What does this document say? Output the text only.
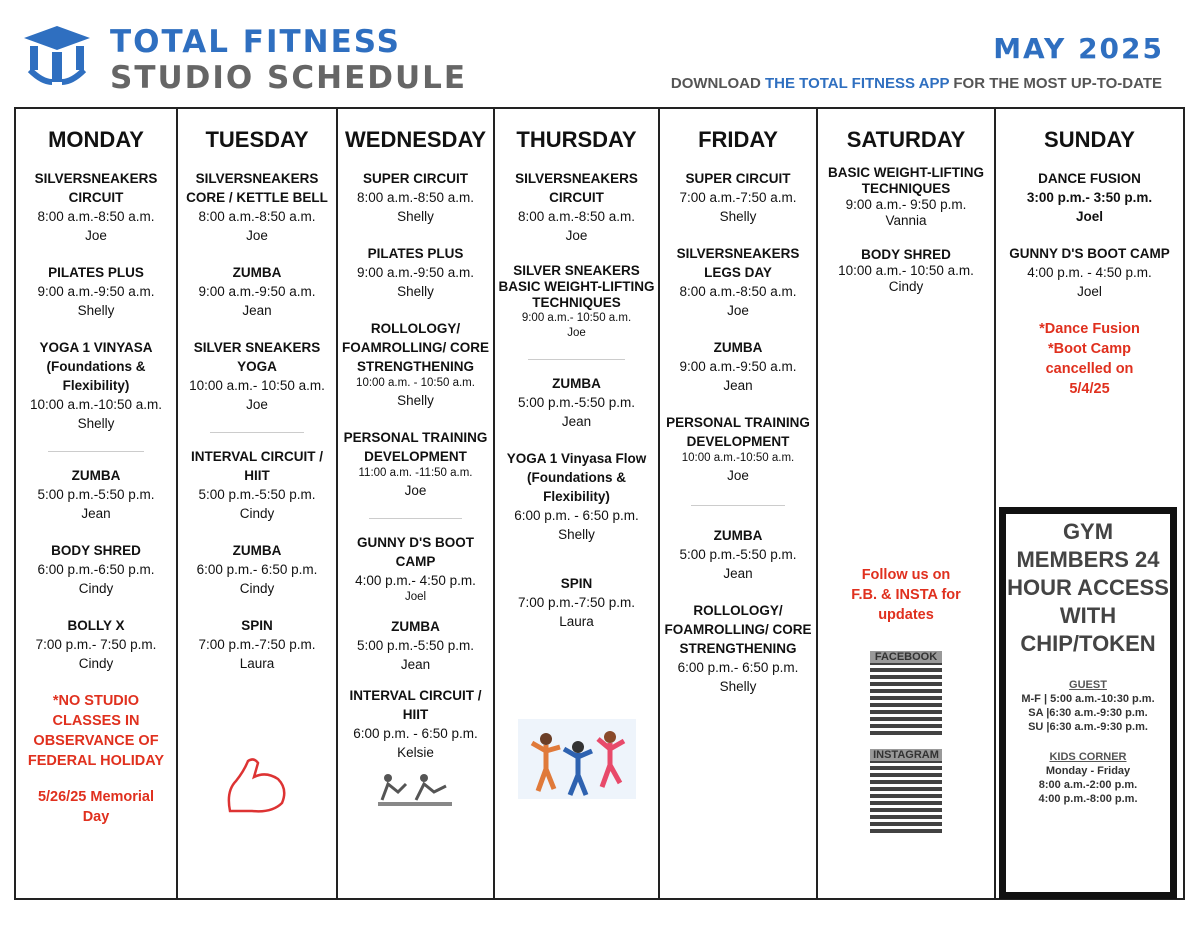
TOTAL FITNESS
STUDIO SCHEDULE
MAY 2025
DOWNLOAD THE TOTAL FITNESS APP FOR THE MOST UP-TO-DATE
MONDAY
SILVERSNEAKERS CIRCUIT
8:00 a.m.-8:50 a.m.
Joe
PILATES PLUS
9:00 a.m.-9:50 a.m.
Shelly
YOGA 1 VINYASA (Foundations & Flexibility)
10:00 a.m.-10:50 a.m.
Shelly
ZUMBA
5:00 p.m.-5:50 p.m.
Jean
BODY SHRED
6:00 p.m.-6:50 p.m.
Cindy
BOLLY X
7:00 p.m.- 7:50 p.m.
Cindy
*NO STUDIO CLASSES IN OBSERVANCE OF FEDERAL HOLIDAY
5/26/25 Memorial Day
TUESDAY
SILVERSNEAKERS CORE / KETTLE BELL
8:00 a.m.-8:50 a.m.
Joe
ZUMBA
9:00 a.m.-9:50 a.m.
Jean
SILVER SNEAKERS YOGA
10:00 a.m.- 10:50 a.m.
Joe
INTERVAL CIRCUIT / HIIT
5:00 p.m.-5:50 p.m.
Cindy
ZUMBA
6:00 p.m.- 6:50 p.m.
Cindy
SPIN
7:00 p.m.-7:50 p.m.
Laura
WEDNESDAY
SUPER CIRCUIT
8:00 a.m.-8:50 a.m.
Shelly
PILATES PLUS
9:00 a.m.-9:50 a.m.
Shelly
ROLLOLOGY/ FOAMROLLING/ CORE STRENGTHENING
10:00 a.m. - 10:50 a.m.
Shelly
PERSONAL TRAINING DEVELOPMENT
11:00 a.m. -11:50 a.m.
Joe
GUNNY D'S BOOT CAMP
4:00 p.m.- 4:50 p.m.
Joel
ZUMBA
5:00 p.m.-5:50 p.m.
Jean
INTERVAL CIRCUIT / HIIT
6:00 p.m. - 6:50 p.m.
Kelsie
THURSDAY
SILVERSNEAKERS CIRCUIT
8:00 a.m.-8:50 a.m.
Joe
SILVER SNEAKERS BASIC WEIGHT-LIFTING TECHNIQUES
9:00 a.m.- 10:50 a.m.
Joe
ZUMBA
5:00 p.m.-5:50 p.m.
Jean
YOGA 1 Vinyasa Flow (Foundations & Flexibility)
6:00 p.m. - 6:50 p.m.
Shelly
SPIN
7:00 p.m.-7:50 p.m.
Laura
FRIDAY
SUPER CIRCUIT
7:00 a.m.-7:50 a.m.
Shelly
SILVERSNEAKERS LEGS DAY
8:00 a.m.-8:50 a.m.
Joe
ZUMBA
9:00 a.m.-9:50 a.m.
Jean
PERSONAL TRAINING DEVELOPMENT
10:00 a.m.-10:50 a.m.
Joe
ZUMBA
5:00 p.m.-5:50 p.m.
Jean
ROLLOLOGY/ FOAMROLLING/ CORE STRENGTHENING
6:00 p.m.- 6:50 p.m.
Shelly
SATURDAY
BASIC WEIGHT-LIFTING TECHNIQUES
9:00 a.m.- 9:50 p.m.
Vannia
BODY SHRED
10:00 a.m.- 10:50 a.m.
Cindy
Follow us on F.B. & INSTA for updates
FACEBOOK
INSTAGRAM
SUNDAY
DANCE FUSION
3:00 p.m.- 3:50 p.m.
Joel
GUNNY D'S BOOT CAMP
4:00 p.m. - 4:50 p.m.
Joel
*Dance Fusion *Boot Camp cancelled on 5/4/25
GYM MEMBERS 24 HOUR ACCESS WITH CHIP/TOKEN
GUEST
M-F | 5:00 a.m.-10:30 p.m.
SA |6:30 a.m.-9:30 p.m.
SU |6:30 a.m.-9:30 p.m.
KIDS CORNER
Monday - Friday
8:00 a.m.-2:00 p.m.
4:00 p.m.-8:00 p.m.
